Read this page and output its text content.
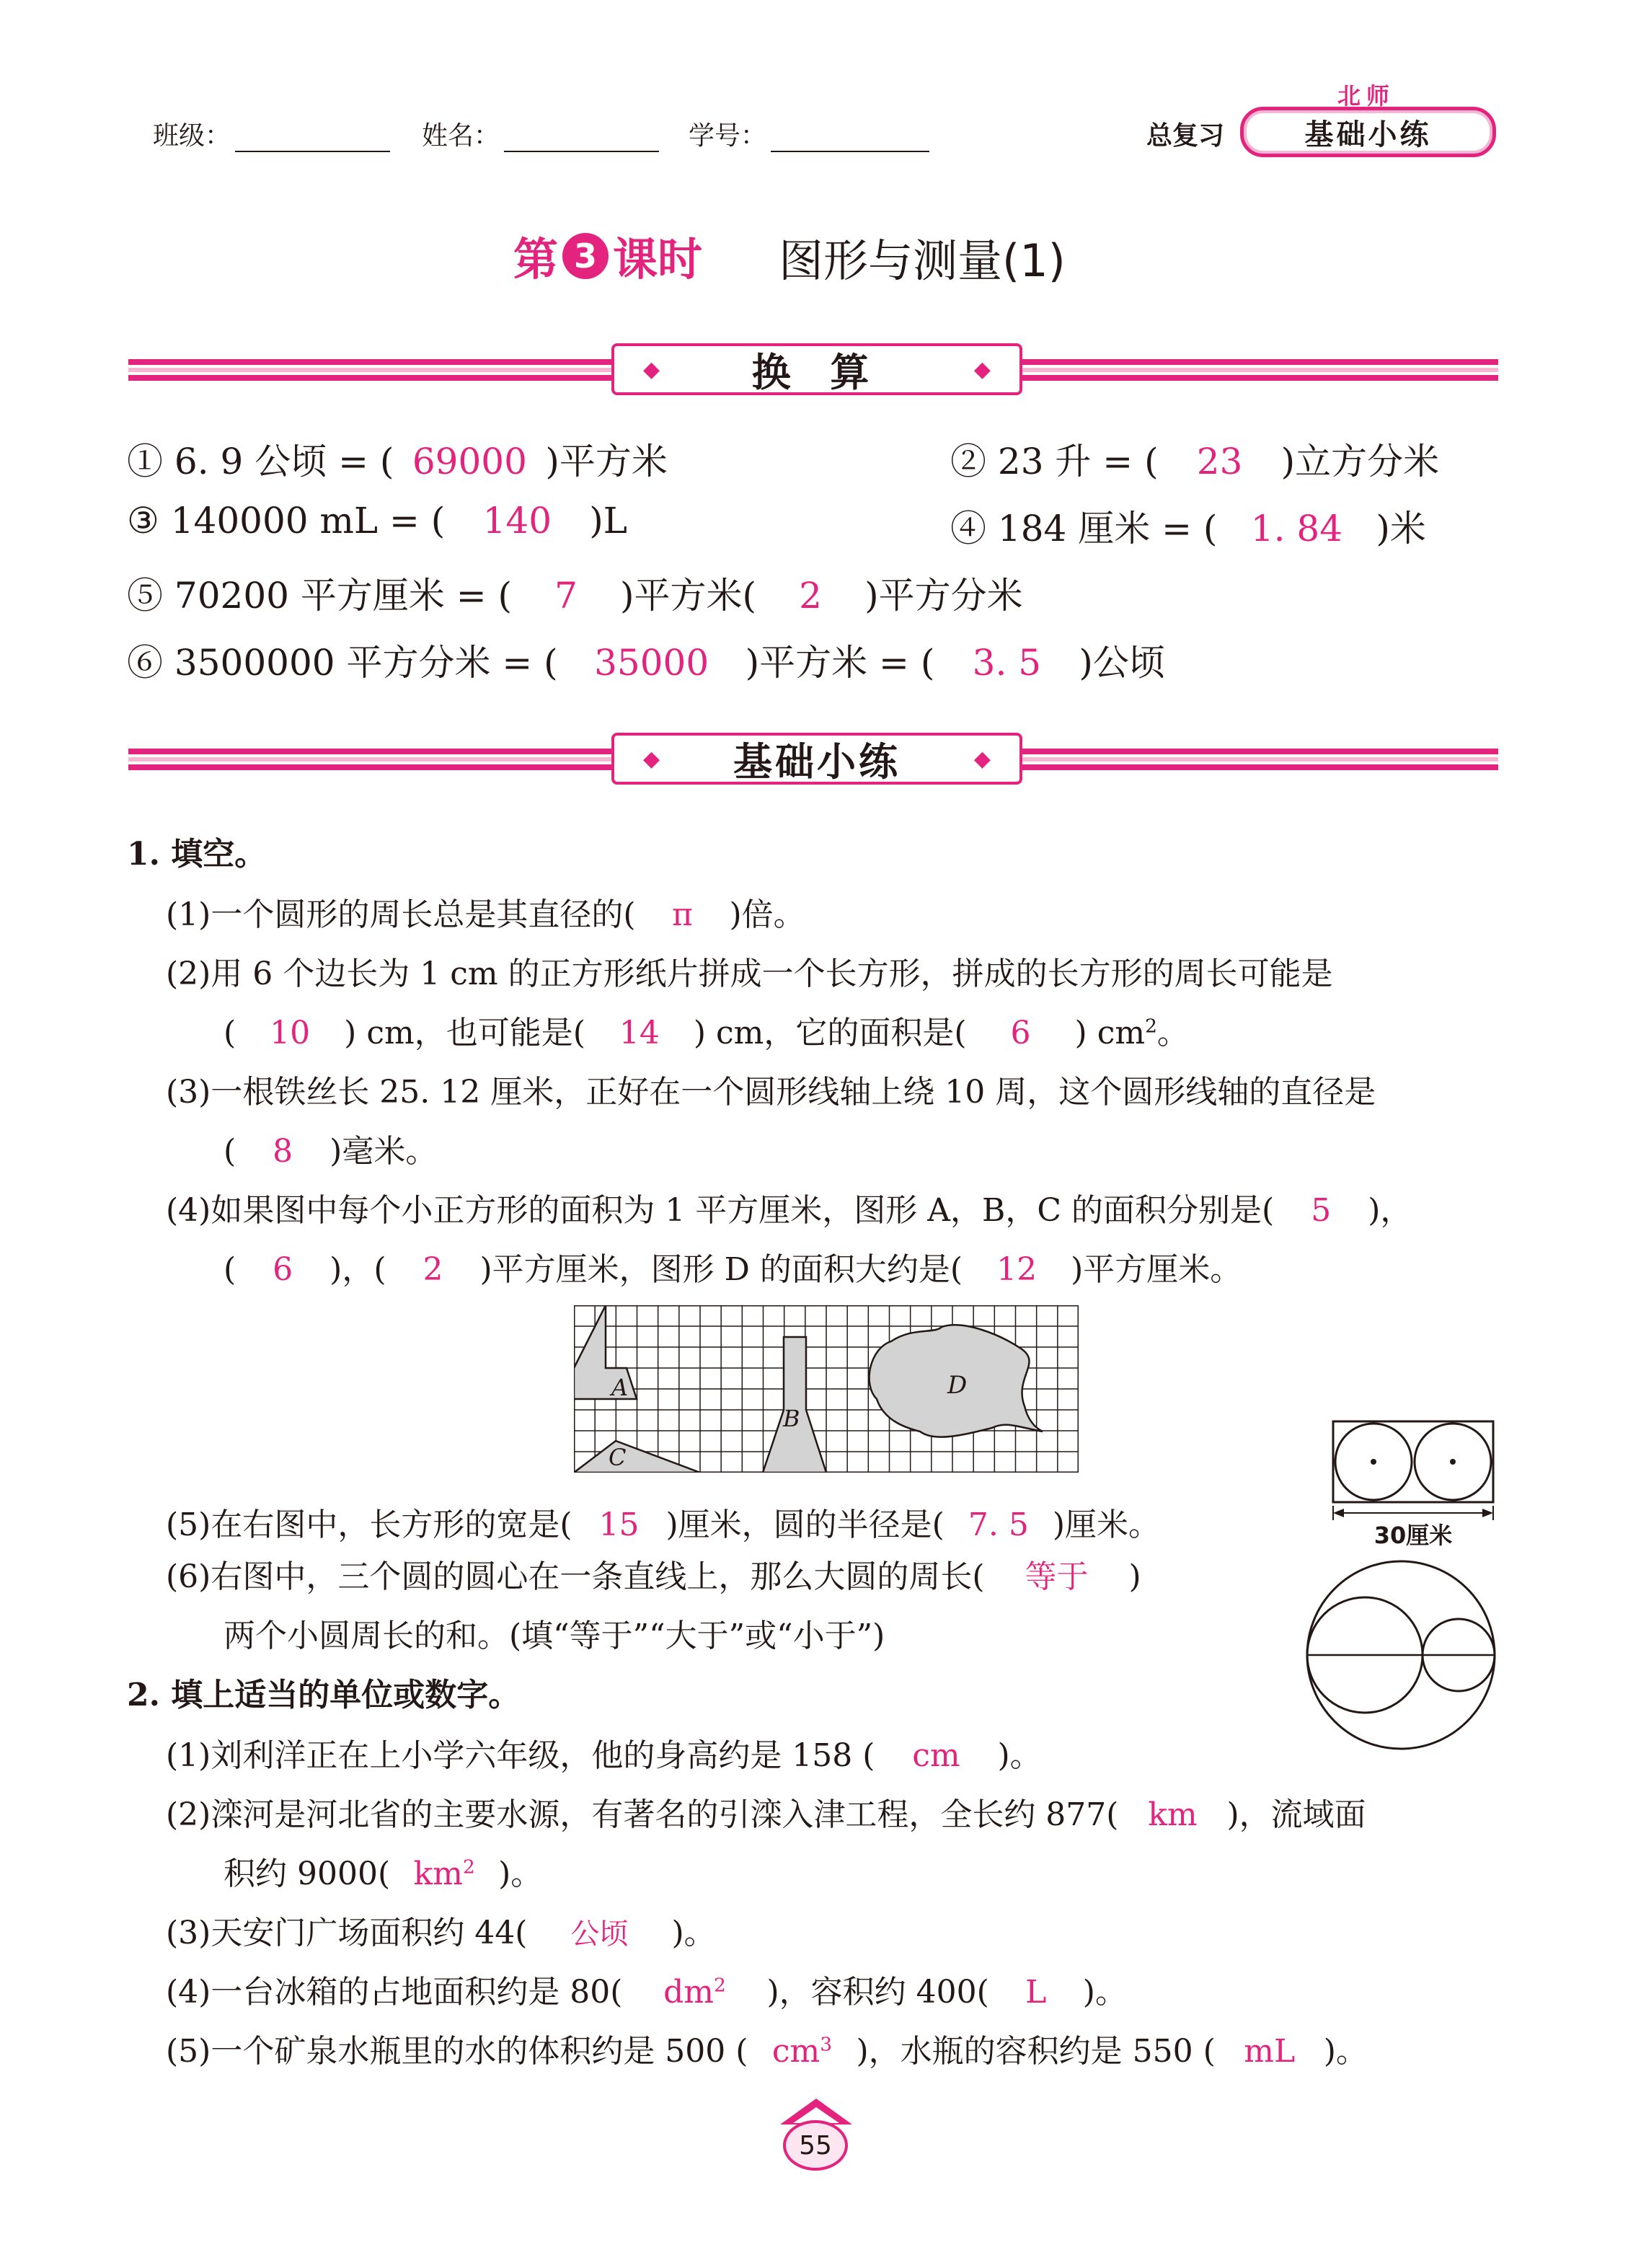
班级：	姓名：	学号：	总复习
北师
基础小练
第 3 课时 图形与测量(1)
◆ 换 算	◆
① 6. 9 公顷 = ( 69000 )平方米	② 23 升 = ( 23 )立方分米
③ 140000 mL = ( 140 )L	④ 184 厘米 = ( 1. 84 )米
⑤ 70200 平方厘米 = ( 7 )平方米( 2 )平方分米
⑥ 3500000 平方分米 = ( 35000 )平方米 = ( 3. 5 )公顷
◆ 基础小练	◆
1. 填空。
(1)一个圆形的周长总是其直径的( π )倍。
(2)用 6 个边长为 1 cm 的正方形纸片拼成一个长方形，拼成的长方形的周长可能是
( 10 ) cm，也可能是( 14 ) cm，它的面积是( 6 ) $cm^2$。
(3)一根铁丝长 25. 12 厘米，正好在一个圆形线轴上绕 10 周，这个圆形线轴的直径是
( 8 )毫米。
(4)如果图中每个小正方形的面积为 1 平方厘米，图形 A，B，C 的面积分别是( 5 )，
( 6 )，( 2 )平方厘米，图形 D 的面积大约是( 12 )平方厘米。
A
B
C
D
30厘米
(5)在右图中，长方形的宽是( 15 )厘米，圆的半径是( 7. 5 )厘米。
(6)右图中，三个圆的圆心在一条直线上，那么大圆的周长( 等于 )
两个小圆周长的和。(填“等于”“大于”或“小于”)
2. 填上适当的单位或数字。
(1)刘利洋正在上小学六年级，他的身高约是 158 ( cm )。
(2)滦河是河北省的主要水源，有著名的引滦入津工程，全长约 877( km )，流域面
积约 9000( $km^2$ )。
(3)天安门广场面积约 44( 公顷 )。
(4)一台冰箱的占地面积约是 80( $dm^2$ )，容积约 400( L )。
(5)一个矿泉水瓶里的水的体积约是 500 ( $cm^3$ )，水瓶的容积约是 550 ( mL )。
55
